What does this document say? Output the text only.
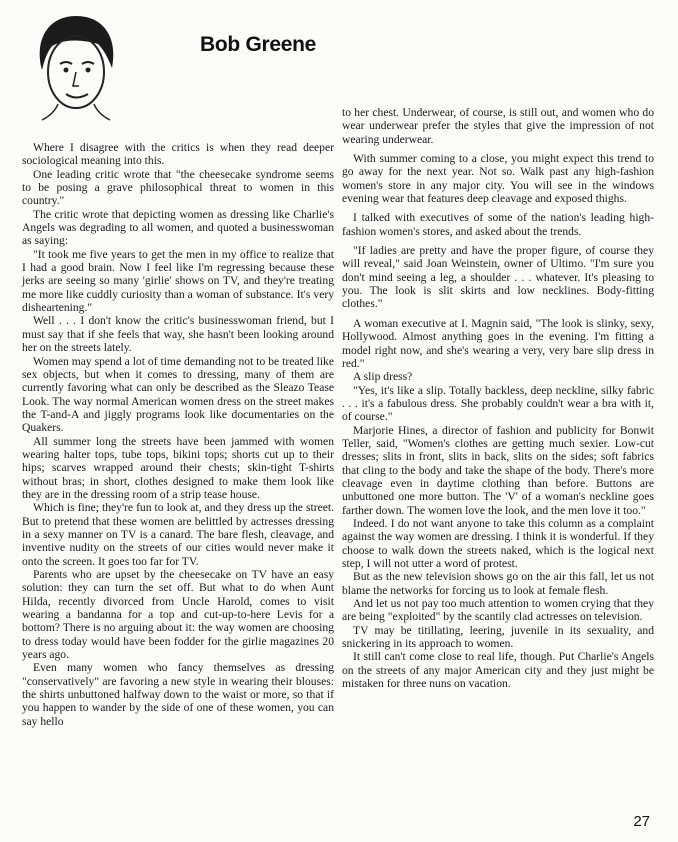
Bob Greene

Where I disagree with the critics is when they read deeper sociological meaning into this.

One leading critic wrote that "the cheesecake syndrome seems to be posing a grave philosophical threat to women in this country."

The critic wrote that depicting women as dressing like Charlie's Angels was degrading to all women, and quoted a businesswoman as saying:

"It took me five years to get the men in my office to realize that I had a good brain. Now I feel like I'm regressing because these jerks are seeing so many 'girlie' shows on TV, and they're treating me more like cuddly curiosity than a woman of substance. It's very disheartening."

Well . . . I don't know the critic's businesswoman friend, but I must say that if she feels that way, she hasn't been looking around her on the streets lately.

Women may spend a lot of time demanding not to be treated like sex objects, but when it comes to dressing, many of them are currently favoring what can only be described as the Sleazo Tease Look. The way normal American women dress on the street makes the T-and-A and jiggly programs look like documentaries on the Quakers.

All summer long the streets have been jammed with women wearing halter tops, tube tops, bikini tops; shorts cut up to their hips; scarves wrapped around their chests; skin-tight T-shirts without bras; in short, clothes designed to make them look like they are in the dressing room of a strip tease house.

Which is fine; they're fun to look at, and they dress up the street. But to pretend that these women are belittled by actresses dressing in a sexy manner on TV is a canard. The bare flesh, cleavage, and inventive nudity on the streets of our cities would never make it onto the screen. It goes too far for TV.

Parents who are upset by the cheesecake on TV have an easy solution: they can turn the set off. But what to do when Aunt Hilda, recently divorced from Uncle Harold, comes to visit wearing a bandanna for a top and cut-up-to-here Levis for a bottom? There is no arguing about it: the way women are choosing to dress today would have been fodder for the girlie magazines 20 years ago.

Even many women who fancy themselves as dressing "conservatively" are favoring a new style in wearing their blouses: the shirts unbuttoned halfway down to the waist or more, so that if you happen to wander by the side of one of these women, you can say hello

to her chest. Underwear, of course, is still out, and women who do wear underwear prefer the styles that give the impression of not wearing underwear.

With summer coming to a close, you might expect this trend to go away for the next year. Not so. Walk past any high-fashion women's store in any major city. You will see in the windows evening wear that features deep cleavage and exposed thighs.

I talked with executives of some of the nation's leading high-fashion women's stores, and asked about the trends.

"If ladies are pretty and have the proper figure, of course they will reveal," said Joan Weinstein, owner of Ultimo. "I'm sure you don't mind seeing a leg, a shoulder . . . whatever. It's pleasing to you. The look is slit skirts and low necklines. Body-fitting clothes."

A woman executive at I. Magnin said, "The look is slinky, sexy, Hollywood. Almost anything goes in the evening. I'm fitting a model right now, and she's wearing a very, very bare slip dress in red."

A slip dress?

"Yes, it's like a slip. Totally backless, deep neckline, silky fabric . . . it's a fabulous dress. She probably couldn't wear a bra with it, of course."

Marjorie Hines, a director of fashion and publicity for Bonwit Teller, said, "Women's clothes are getting much sexier. Low-cut dresses; slits in front, slits in back, slits on the sides; soft fabrics that cling to the body and take the shape of the body. There's more cleavage even in daytime clothing than before. Buttons are unbuttoned one more button. The 'V' of a woman's neckline goes farther down. The women love the look, and the men love it too."

Indeed. I do not want anyone to take this column as a complaint against the way women are dressing. I think it is wonderful. If they choose to walk down the streets naked, which is the logical next step, I will not utter a word of protest.

But as the new television shows go on the air this fall, let us not blame the networks for forcing us to look at female flesh.

And let us not pay too much attention to women crying that they are being "exploited" by the scantily clad actresses on television.

TV may be titillating, leering, juvenile in its sexuality, and snickering in its approach to women.

It still can't come close to real life, though. Put Charlie's Angels on the streets of any major American city and they just might be mistaken for three nuns on vacation.

27
